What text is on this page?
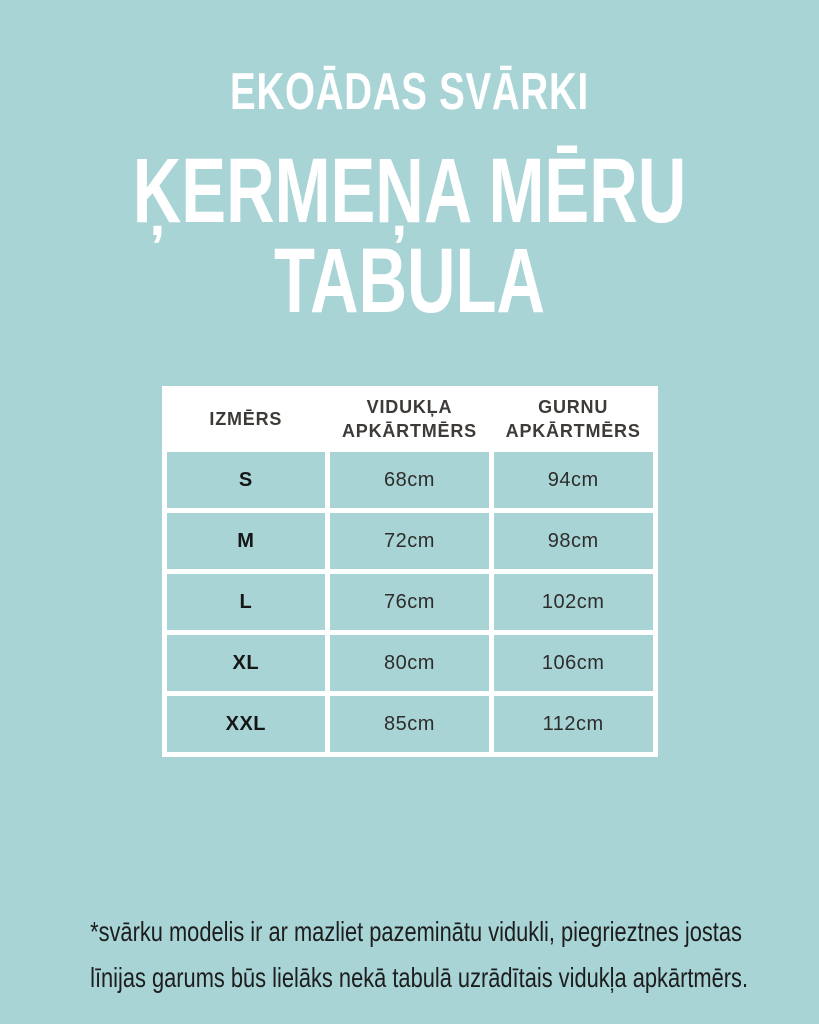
EKOĀDAS SVĀRKI
ĶERMEŅA MĒRU
TABULA
IZMĒRS	VIDUKĻA APKĀRTMĒRS	GURNU APKĀRTMĒRS
S	68cm	94cm
M	72cm	98cm
L	76cm	102cm
XL	80cm	106cm
XXL	85cm	112cm
*svārku modelis ir ar mazliet pazeminātu vidukli, piegrieztnes jostas
līnijas garums būs lielāks nekā tabulā uzrādītais vidukļa apkārtmērs.
